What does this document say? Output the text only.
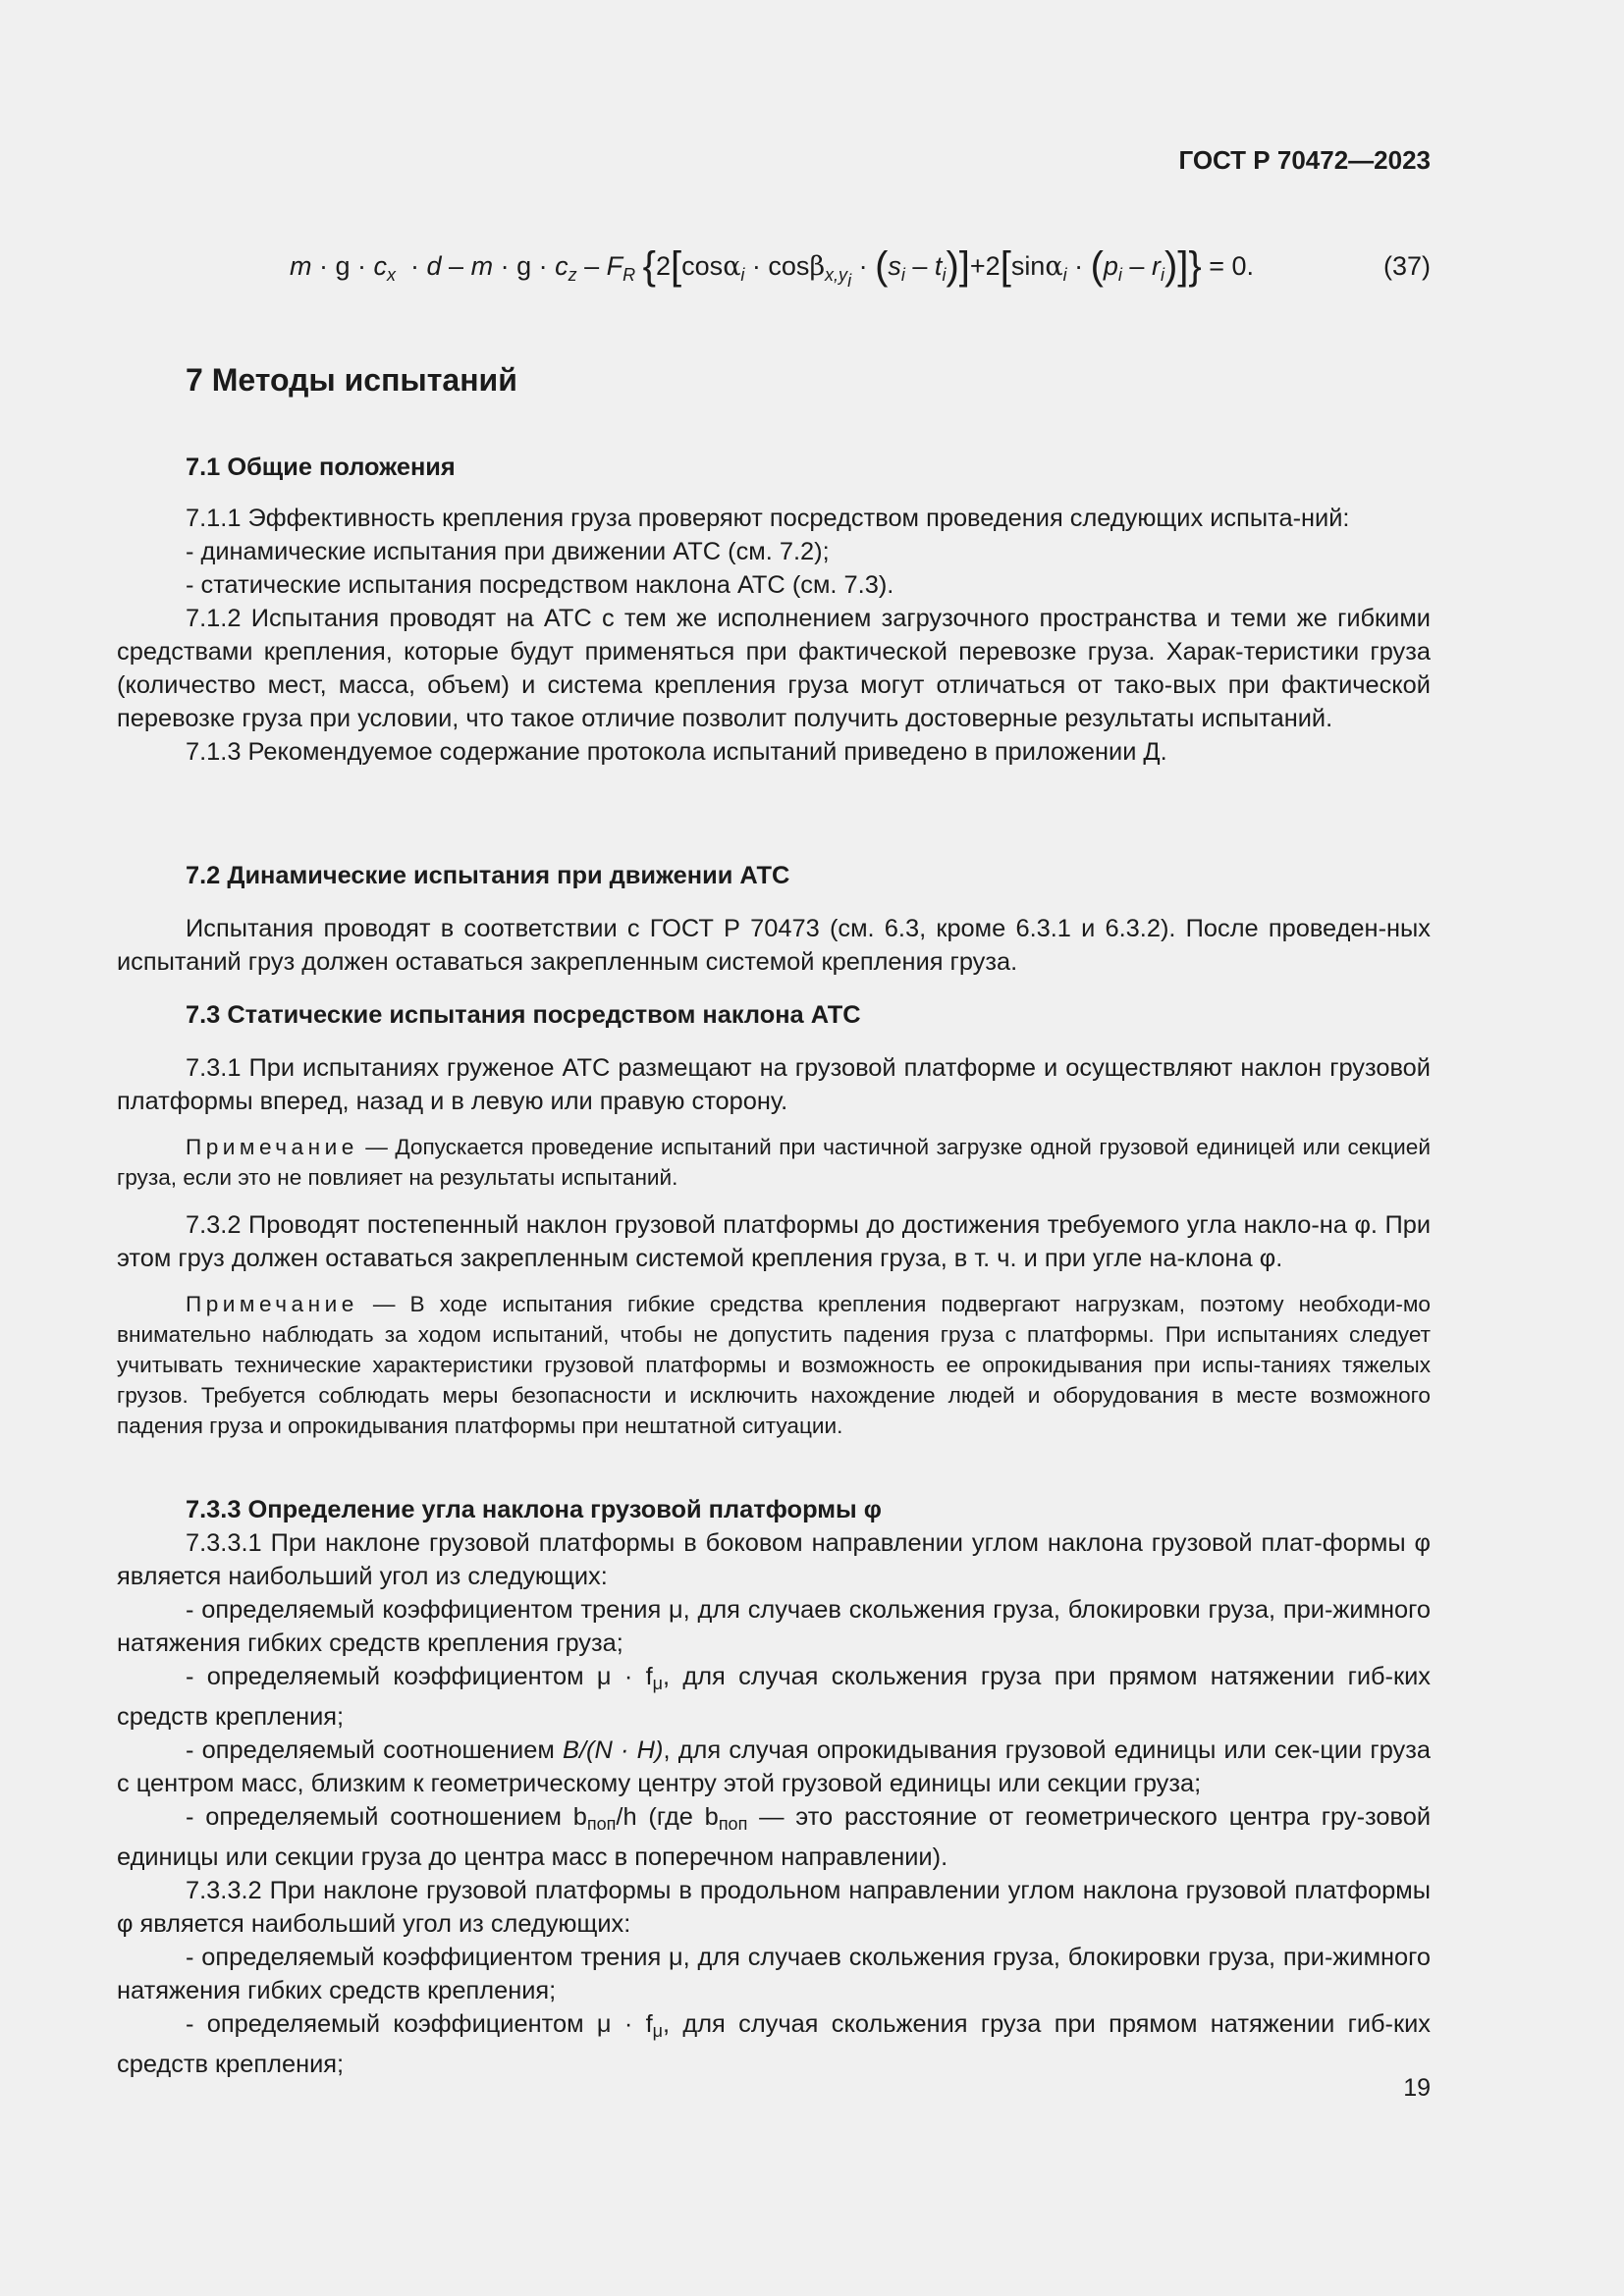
ГОСТ Р 70472—2023
$m \cdot g \cdot c_x \cdot d - m \cdot g \cdot c_z - F_R$ $\{2[\cos\alpha_i \cdot \cos\beta_{x,y_i} \cdot (s_i - t_i)]+2[\sin\alpha_i \cdot (p_i - r_i)]\} = 0$.	(37)
7 Методы испытаний

7.1 Общие положения

7.1.1 Эффективность крепления груза проверяют посредством проведения следующих испыта-ний:

- динамические испытания при движении АТС (см. 7.2);

- статические испытания посредством наклона АТС (см. 7.3).

7.1.2 Испытания проводят на АТС с тем же исполнением загрузочного пространства и теми же гибкими средствами крепления, которые будут применяться при фактической перевозке груза. Харак-теристики груза (количество мест, масса, объем) и система крепления груза могут отличаться от тако-вых при фактической перевозке груза при условии, что такое отличие позволит получить достоверные результаты испытаний.

7.1.3 Рекомендуемое содержание протокола испытаний приведено в приложении Д.

7.2 Динамические испытания при движении АТС

Испытания проводят в соответствии с ГОСТ Р 70473 (см. 6.3, кроме 6.3.1 и 6.3.2). После проведен-ных испытаний груз должен оставаться закрепленным системой крепления груза.

7.3 Статические испытания посредством наклона АТС

7.3.1 При испытаниях груженое АТС размещают на грузовой платформе и осуществляют наклон грузовой платформы вперед, назад и в левую или правую сторону.

Примечание — Допускается проведение испытаний при частичной загрузке одной грузовой единицей или секцией груза, если это не повлияет на результаты испытаний.

7.3.2 Проводят постепенный наклон грузовой платформы до достижения требуемого угла накло-на φ. При этом груз должен оставаться закрепленным системой крепления груза, в т. ч. и при угле на-клона φ.

Примечание — В ходе испытания гибкие средства крепления подвергают нагрузкам, поэтому необходи-мо внимательно наблюдать за ходом испытаний, чтобы не допустить падения груза с платформы. При испытаниях следует учитывать технические характеристики грузовой платформы и возможность ее опрокидывания при испы-таниях тяжелых грузов. Требуется соблюдать меры безопасности и исключить нахождение людей и оборудования в месте возможного падения груза и опрокидывания платформы при нештатной ситуации.

7.3.3 Определение угла наклона грузовой платформы φ

7.3.3.1 При наклоне грузовой платформы в боковом направлении углом наклона грузовой плат-формы φ является наибольший угол из следующих:

- определяемый коэффициентом трения μ, для случаев скольжения груза, блокировки груза, при-жимного натяжения гибких средств крепления груза;

- определяемый коэффициентом $\mu \cdot f_\mu$, для случая скольжения груза при прямом натяжении гиб-ких средств крепления;

- определяемый соотношением B/(N · H), для случая опрокидывания грузовой единицы или сек-ции груза с центром масс, близким к геометрическому центру этой грузовой единицы или секции груза;

- определяемый соотношением $b_{поп}/h$ (где $b_{поп}$ — это расстояние от геометрического центра гру-зовой единицы или секции груза до центра масс в поперечном направлении).

7.3.3.2 При наклоне грузовой платформы в продольном направлении углом наклона грузовой платформы φ является наибольший угол из следующих:

- определяемый коэффициентом трения μ, для случаев скольжения груза, блокировки груза, при-жимного натяжения гибких средств крепления;

- определяемый коэффициентом $\mu \cdot f_\mu$, для случая скольжения груза при прямом натяжении гиб-ких средств крепления;

19
